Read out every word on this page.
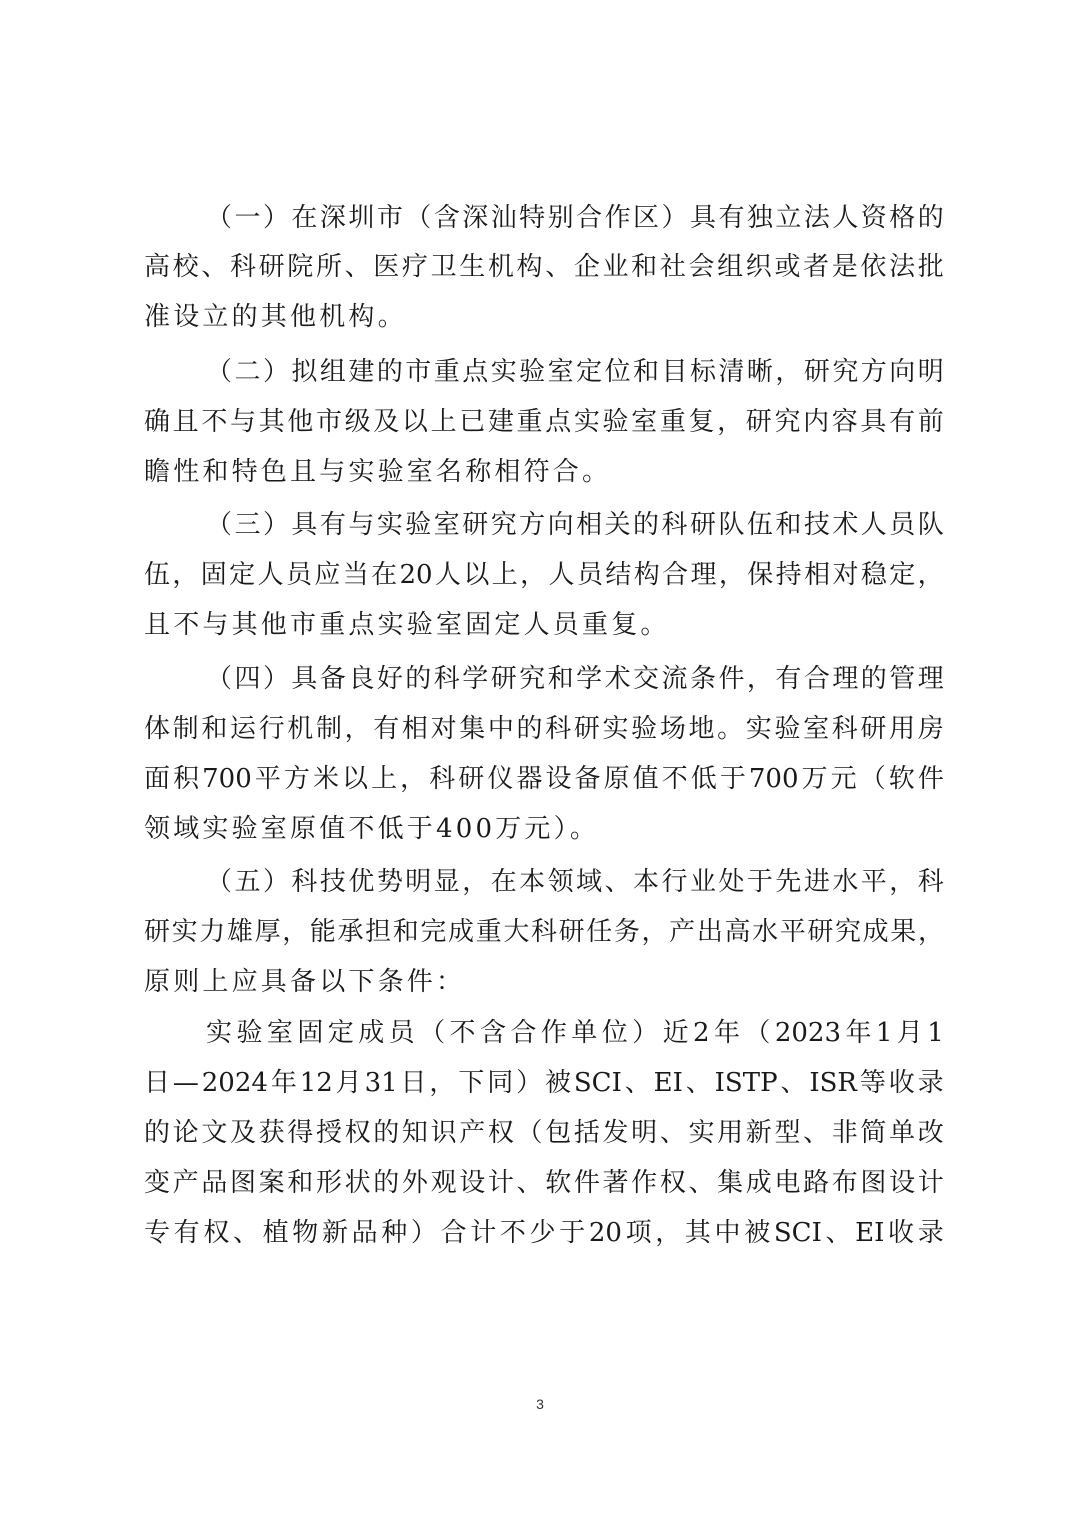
（ 一 ） 在 深 圳 市 （ 含 深 汕 特 别 合 作 区 ） 具 有 独 立 法 人 资 格 的
高 校 、 科 研 院 所 、 医 疗 卫 生 机 构 、 企 业 和 社 会 组 织 或 者 是 依 法 批
准设立的其他机构。
（ 二 ） 拟 组 建 的 市 重 点 实 验 室 定 位 和 目 标 清 晰 ， 研 究 方 向 明
确 且 不 与 其 他 市 级 及 以 上 已 建 重 点 实 验 室 重 复 ， 研 究 内 容 具 有 前
瞻性和特色且与实验室名称相符合。
（ 三 ） 具 有 与 实 验 室 研 究 方 向 相 关 的 科 研 队 伍 和 技 术 人 员 队
伍 ， 固 定 人 员 应 当 在 20 人 以 上 ， 人 员 结 构 合 理 ， 保 持 相 对 稳 定 ，
且不与其他市重点实验室固定人员重复。
（ 四 ） 具 备 良 好 的 科 学 研 究 和 学 术 交 流 条 件 ， 有 合 理 的 管 理
体 制 和 运 行 机 制 ， 有 相 对 集 中 的 科 研 实 验 场 地 。 实 验 室 科 研 用 房
面 积 700 平 方 米 以 上 ， 科 研 仪 器 设 备 原 值 不 低 于 700 万 元 （ 软 件
领域实验室原值不低于400万元）。
（ 五 ） 科 技 优 势 明 显 ， 在 本 领 域 、 本 行 业 处 于 先 进 水 平 ， 科
研 实 力 雄 厚 ， 能 承 担 和 完 成 重 大 科 研 任 务 ， 产 出 高 水 平 研 究 成 果 ，
原则上应具备以下条件：
实 验 室 固 定 成 员 （ 不 含 合 作 单 位 ） 近 2 年 （ 2023 年 1 月 1
日 — 2024 年 12 月 31 日 ， 下 同 ） 被 SCI 、 EI 、 ISTP 、 ISR 等 收 录
的 论 文 及 获 得 授 权 的 知 识 产 权 （ 包 括 发 明 、 实 用 新 型 、 非 简 单 改
变 产 品 图 案 和 形 状 的 外 观 设 计 、 软 件 著 作 权 、 集 成 电 路 布 图 设 计
专 有 权 、 植 物 新 品 种 ） 合 计 不 少 于 20 项 ， 其 中 被 SCI 、 EI 收 录
3
